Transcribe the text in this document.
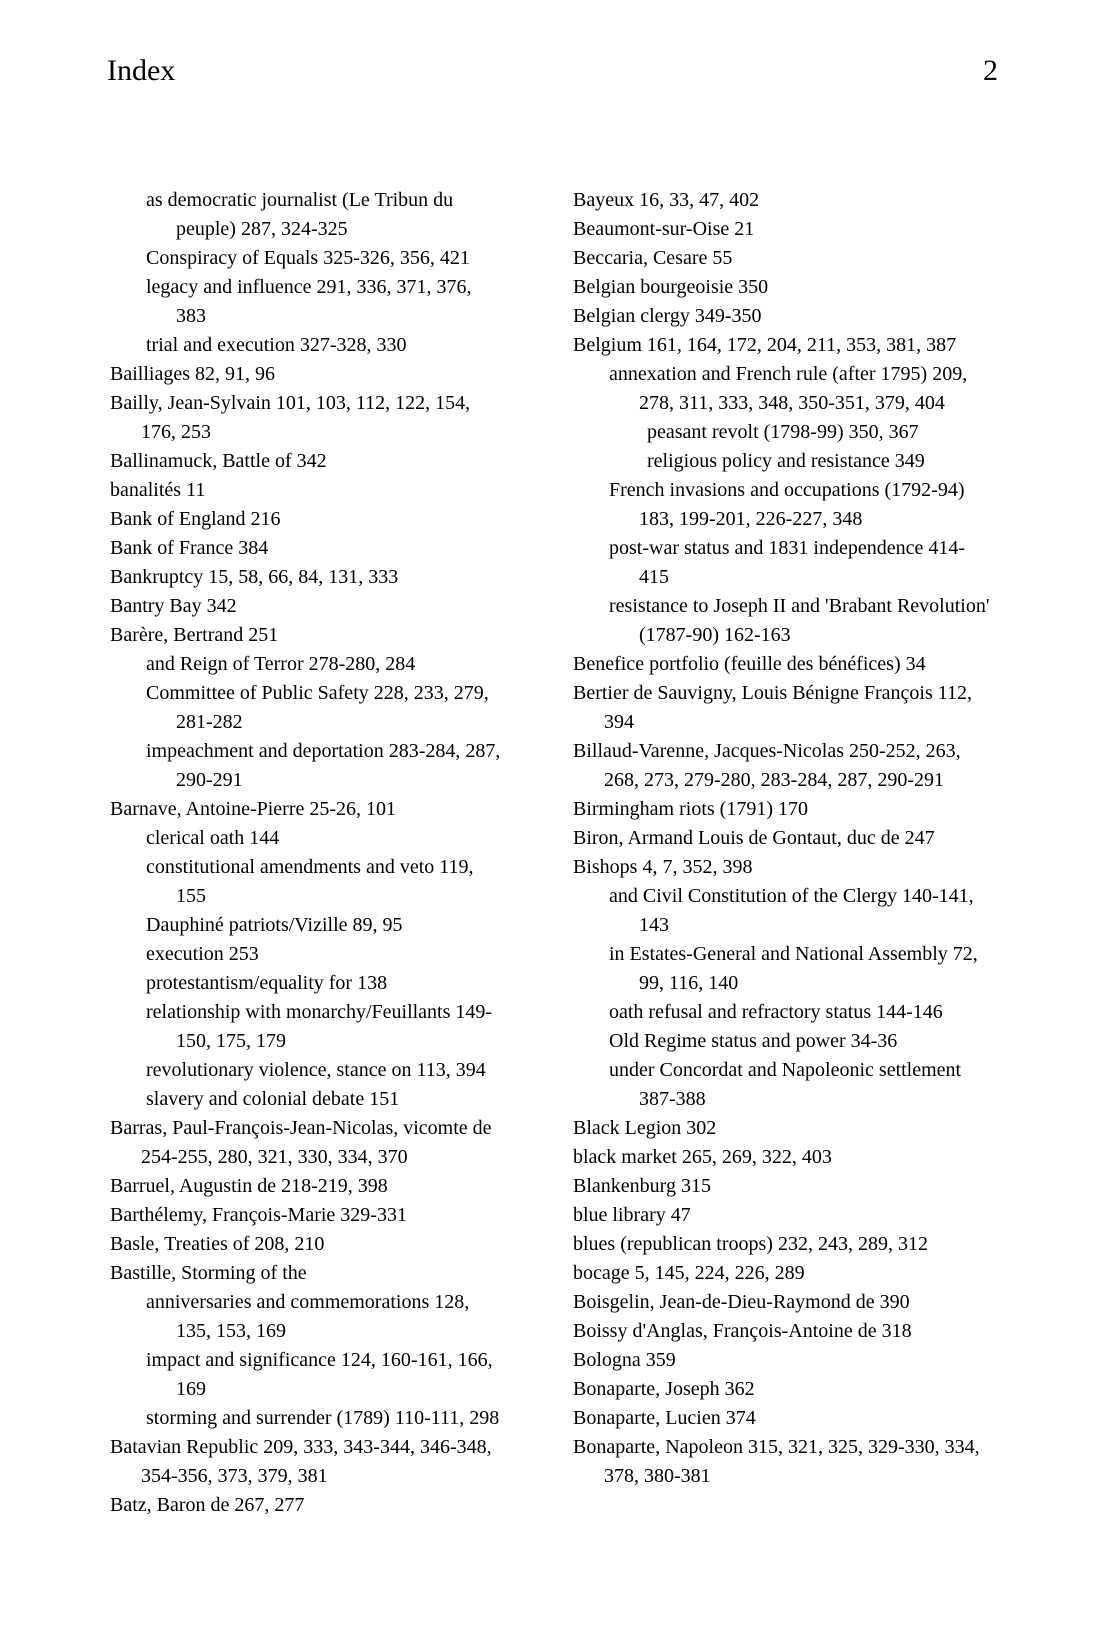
Index	2
as democratic journalist (Le Tribun du peuple) 287, 324-325
Conspiracy of Equals 325-326, 356, 421
legacy and influence 291, 336, 371, 376, 383
trial and execution 327-328, 330
Bailliages 82, 91, 96
Bailly, Jean-Sylvain 101, 103, 112, 122, 154, 176, 253
Ballinamuck, Battle of 342
banalités 11
Bank of England 216
Bank of France 384
Bankruptcy 15, 58, 66, 84, 131, 333
Bantry Bay 342
Barère, Bertrand 251
and Reign of Terror 278-280, 284
Committee of Public Safety 228, 233, 279, 281-282
impeachment and deportation 283-284, 287, 290-291
Barnave, Antoine-Pierre 25-26, 101
clerical oath 144
constitutional amendments and veto 119, 155
Dauphiné patriots/Vizille 89, 95
execution 253
protestantism/equality for 138
relationship with monarchy/Feuillants 149-150, 175, 179
revolutionary violence, stance on 113, 394
slavery and colonial debate 151
Barras, Paul-François-Jean-Nicolas, vicomte de 254-255, 280, 321, 330, 334, 370
Barruel, Augustin de 218-219, 398
Barthélemy, François-Marie 329-331
Basle, Treaties of 208, 210
Bastille, Storming of the
anniversaries and commemorations 128, 135, 153, 169
impact and significance 124, 160-161, 166, 169
storming and surrender (1789) 110-111, 298
Batavian Republic 209, 333, 343-344, 346-348, 354-356, 373, 379, 381
Batz, Baron de 267, 277
Bayeux 16, 33, 47, 402
Beaumont-sur-Oise 21
Beccaria, Cesare 55
Belgian bourgeoisie 350
Belgian clergy 349-350
Belgium 161, 164, 172, 204, 211, 353, 381, 387
annexation and French rule (after 1795) 209, 278, 311, 333, 348, 350-351, 379, 404
peasant revolt (1798-99) 350, 367
religious policy and resistance 349
French invasions and occupations (1792-94) 183, 199-201, 226-227, 348
post-war status and 1831 independence 414-415
resistance to Joseph II and 'Brabant Revolution' (1787-90) 162-163
Benefice portfolio (feuille des bénéfices) 34
Bertier de Sauvigny, Louis Bénigne François 112, 394
Billaud-Varenne, Jacques-Nicolas 250-252, 263, 268, 273, 279-280, 283-284, 287, 290-291
Birmingham riots (1791) 170
Biron, Armand Louis de Gontaut, duc de 247
Bishops 4, 7, 352, 398
and Civil Constitution of the Clergy 140-141, 143
in Estates-General and National Assembly 72, 99, 116, 140
oath refusal and refractory status 144-146
Old Regime status and power 34-36
under Concordat and Napoleonic settlement 387-388
Black Legion 302
black market 265, 269, 322, 403
Blankenburg 315
blue library 47
blues (republican troops) 232, 243, 289, 312
bocage 5, 145, 224, 226, 289
Boisgelin, Jean-de-Dieu-Raymond de 390
Boissy d'Anglas, François-Antoine de 318
Bologna 359
Bonaparte, Joseph 362
Bonaparte, Lucien 374
Bonaparte, Napoleon 315, 321, 325, 329-330, 334, 378, 380-381
